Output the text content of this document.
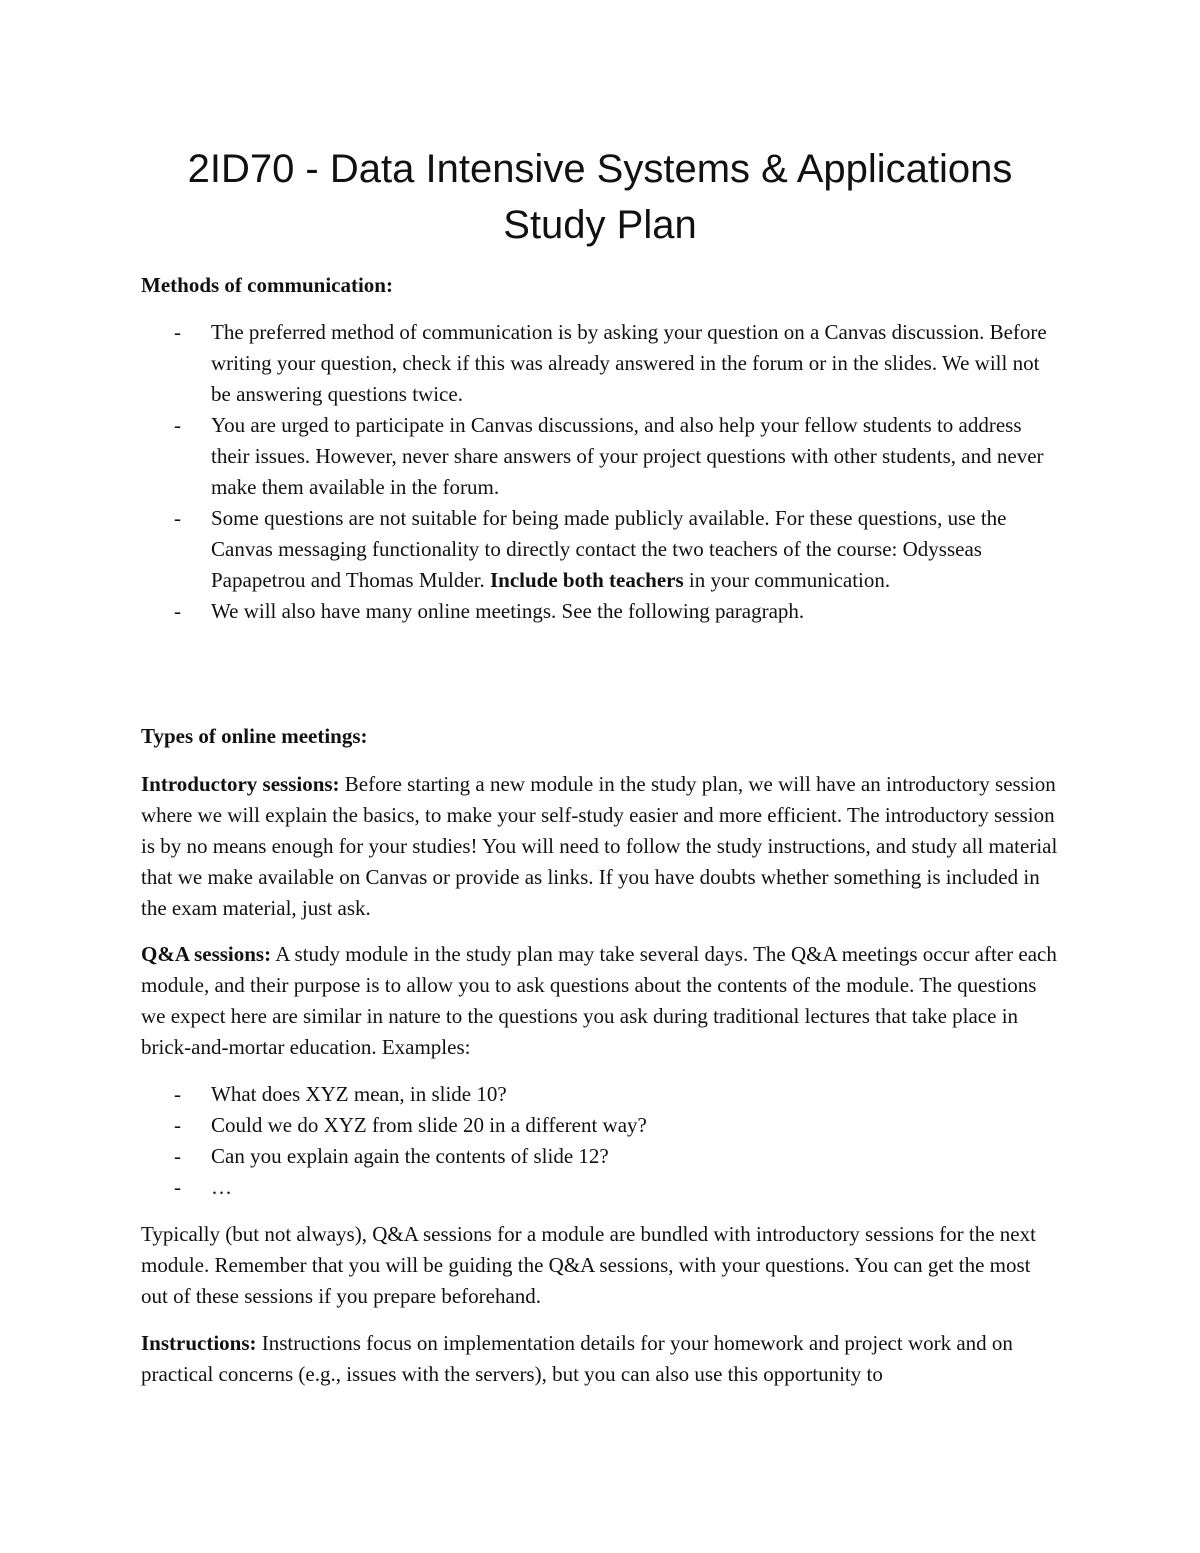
2ID70 - Data Intensive Systems & Applications
Study Plan
Methods of communication:
- The preferred method of communication is by asking your question on a Canvas discussion. Before writing your question, check if this was already answered in the forum or in the slides. We will not be answering questions twice.
- You are urged to participate in Canvas discussions, and also help your fellow students to address their issues. However, never share answers of your project questions with other students, and never make them available in the forum.
- Some questions are not suitable for being made publicly available. For these questions, use the Canvas messaging functionality to directly contact the two teachers of the course: Odysseas Papapetrou and Thomas Mulder. Include both teachers in your communication.
- We will also have many online meetings. See the following paragraph.
Types of online meetings:

Introductory sessions: Before starting a new module in the study plan, we will have an introductory session where we will explain the basics, to make your self-study easier and more efficient. The introductory session is by no means enough for your studies! You will need to follow the study instructions, and study all material that we make available on Canvas or provide as links. If you have doubts whether something is included in the exam material, just ask.

Q&A sessions: A study module in the study plan may take several days. The Q&A meetings occur after each module, and their purpose is to allow you to ask questions about the contents of the module. The questions we expect here are similar in nature to the questions you ask during traditional lectures that take place in brick-and-mortar education. Examples:

- What does XYZ mean, in slide 10?
- Could we do XYZ from slide 20 in a different way?
- Can you explain again the contents of slide 12?
- …

Typically (but not always), Q&A sessions for a module are bundled with introductory sessions for the next module. Remember that you will be guiding the Q&A sessions, with your questions. You can get the most out of these sessions if you prepare beforehand.

Instructions: Instructions focus on implementation details for your homework and project work and on practical concerns (e.g., issues with the servers), but you can also use this opportunity to
